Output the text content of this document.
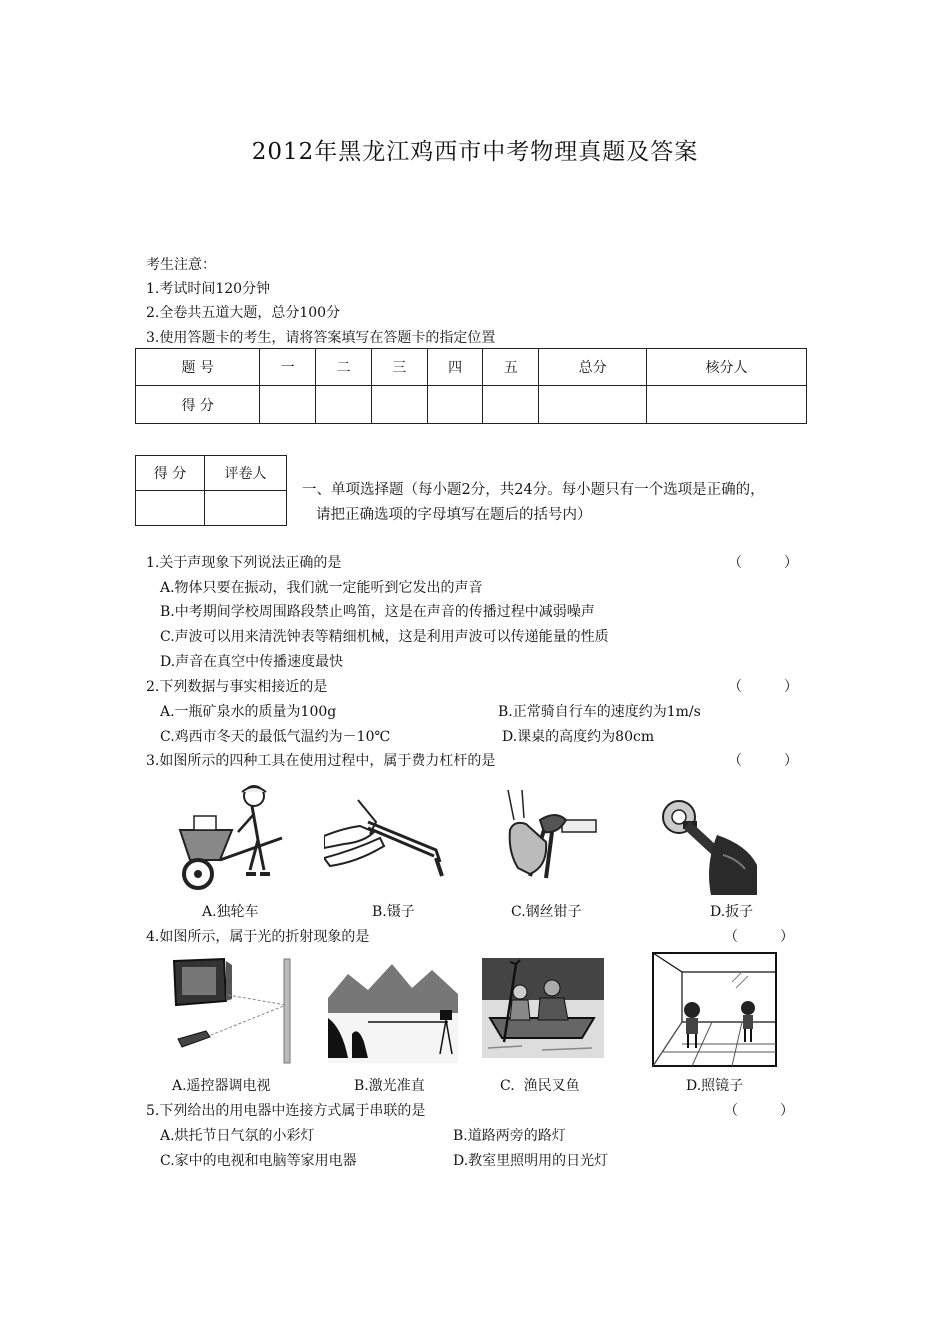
2012年黑龙江鸡西市中考物理真题及答案
考生注意：
1.考试时间120分钟
2.全卷共五道大题，总分100分
3.使用答题卡的考生，请将答案填写在答题卡的指定位置
题 号	一	二	三	四	五	总分	核分人
得 分							
得 分	评卷人

一、单项选择题（每小题2分，共24分。每小题只有一个选项是正确的，
请把正确选项的字母填写在题后的括号内）
1.关于声现象下列说法正确的是	（　　　）
A.物体只要在振动，我们就一定能听到它发出的声音
B.中考期间学校周围路段禁止鸣笛，这是在声音的传播过程中减弱噪声
C.声波可以用来清洗钟表等精细机械，这是利用声波可以传递能量的性质
D.声音在真空中传播速度最快
2.下列数据与事实相接近的是	（　　　）
A.一瓶矿泉水的质量为100g	B.正常骑自行车的速度约为1m/s
C.鸡西市冬天的最低气温约为－10℃	D.课桌的高度约为80cm
3.如图所示的四种工具在使用过程中，属于费力杠杆的是	（　　　）
A.独轮车	B.镊子	C.钢丝钳子	D.扳子
4.如图所示，属于光的折射现象的是	（　　　）
A.遥控器调电视	B.激光准直	C.  渔民叉鱼	D.照镜子
5.下列给出的用电器中连接方式属于串联的是	（　　　）
A.烘托节日气氛的小彩灯	B.道路两旁的路灯
C.家中的电视和电脑等家用电器	D.教室里照明用的日光灯
